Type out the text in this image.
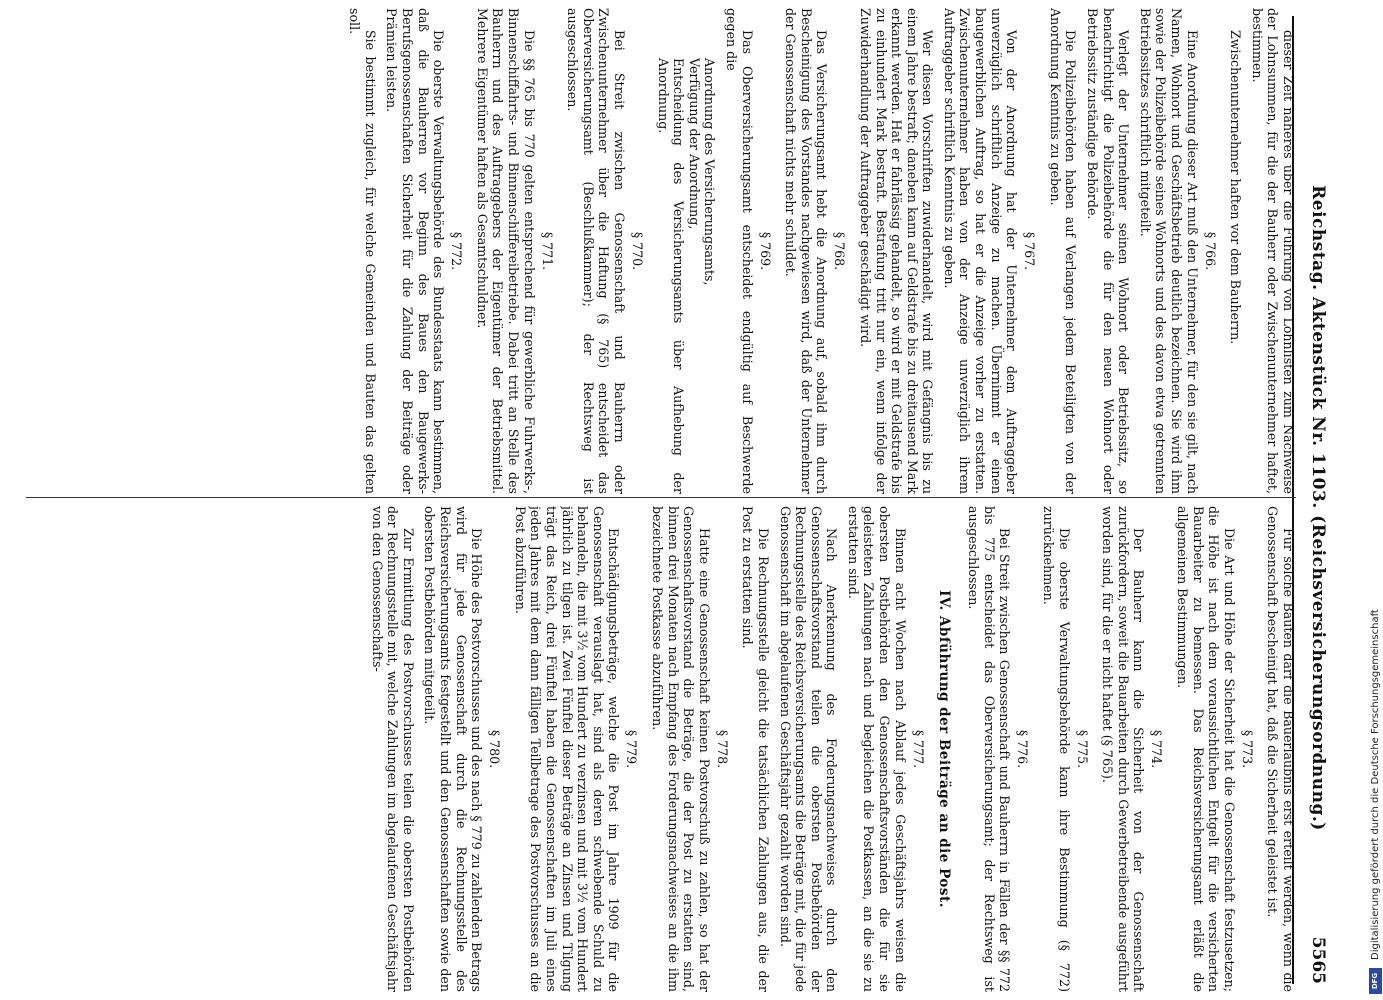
Reichstag. Aktenstück Nr. 1103. (Reichsversicherungsordnung.)
5565

dieser Zeit näheres über die Führung von Lohnlisten zum Nachweise der Lohnsummen, für die der Bauherr oder Zwischenunternehmer haftet, bestimmen.

Zwischenunternehmer haften vor dem Bauherrn.

§ 766.

Eine Anordnung dieser Art muß den Unternehmer, für den sie gilt, nach Namen, Wohnort und Geschäftsbetrieb deutlich bezeichnen. Sie wird ihm sowie der Polizeibehörde seines Wohnorts und des davon etwa getrennten Betriebssitzes schriftlich mitgeteilt.

Verlegt der Unternehmer seinen Wohnort oder Betriebssitz, so benachrichtigt die Polizeibehörde die für den neuen Wohnort oder Betriebssitz zuständige Behörde.

Die Polizeibehörden haben auf Verlangen jedem Beteiligten von der Anordnung Kenntnis zu geben.

§ 767.

Von der Anordnung hat der Unternehmer dem Auftraggeber unverzüglich schriftlich Anzeige zu machen. Übernimmt er einen baugewerblichen Auftrag, so hat er die Anzeige vorher zu erstatten. Zwischenunternehmer haben von der Anzeige unverzüglich ihrem Auftraggeber schriftlich Kenntnis zu geben.

Wer diesen Vorschriften zuwiderhandelt, wird mit Gefängnis bis zu einem Jahre bestraft; daneben kann auf Geldstrafe bis zu dreitausend Mark erkannt werden. Hat er fahrlässig gehandelt, so wird er mit Geldstrafe bis zu einhundert Mark bestraft. Bestrafung tritt nur ein, wenn infolge der Zuwiderhandlung der Auftraggeber geschädigt wird.

§ 768.

Das Versicherungsamt hebt die Anordnung auf, sobald ihm durch Bescheinigung des Vorstandes nachgewiesen wird, daß der Unternehmer der Genossenschaft nichts mehr schuldet.

§ 769.

Das Oberversicherungsamt entscheidet endgültig auf Beschwerde gegen die

Anordnung des Versicherungsamts,
Verfügung der Anordnung,
Entscheidung des Versicherungsamts über Aufhebung der Anordnung.
§ 770.

Bei Streit zwischen Genossenschaft und Bauherrn oder Zwischenunternehmer über die Haftung (§ 765) entscheidet das Oberversicherungsamt (Beschlußkammer); der Rechtsweg ist ausgeschlossen.

§ 771.

Die §§ 765 bis 770 gelten entsprechend für gewerbliche Fuhrwerks-, Binnenschiffahrts- und Binnenschiffereibetriebe. Dabei tritt an Stelle des Bauherrn und des Auftraggebers der Eigentümer der Betriebsmittel. Mehrere Eigentümer haften als Gesamtschuldner.

§ 772.

Die oberste Verwaltungsbehörde des Bundesstaats kann bestimmen, daß die Bauherren vor Beginn des Baues den Baugewerks-Berufsgenossenschaften Sicherheit für die Zahlung der Beiträge oder Prämien leisten.

Sie bestimmt zugleich, für welche Gemeinden und Bauten das gelten soll.

Für solche Bauten darf die Bauerlaubnis erst erteilt werden, wenn die Genossenschaft bescheinigt hat, daß die Sicherheit geleistet ist.

§ 773.

Die Art und Höhe der Sicherheit hat die Genossenschaft festzusetzen; die Höhe ist nach dem voraussichtlichen Entgelt für die versicherten Bauarbeiter zu bemessen. Das Reichsversicherungsamt erläßt die allgemeinen Bestimmungen.

§ 774.

Der Bauherr kann die Sicherheit von der Genossenschaft zurückfordern, soweit die Bauarbeiten durch Gewerbetreibende ausgeführt worden sind, für die er nicht haftet (§ 765).

§ 775.

Die oberste Verwaltungsbehörde kann ihre Bestimmung (§ 772) zurücknehmen.

§ 776.

Bei Streit zwischen Genossenschaft und Bauherrn in Fällen der §§ 772 bis 775 entscheidet das Oberversicherungsamt; der Rechtsweg ist ausgeschlossen.

IV. Abführung der Beiträge an die Post.
§ 777.

Binnen acht Wochen nach Ablauf jedes Geschäftsjahrs weisen die obersten Postbehörden den Genossenschaftsvorständen die für sie geleisteten Zahlungen nach und begleichen die Postkassen, an die sie zu erstatten sind.

Nach Anerkennung des Forderungsnachweises durch den Genossenschaftsvorstand teilen die obersten Postbehörden der Rechnungsstelle des Reichsversicherungsamts die Beträge mit, die für jede Genossenschaft im abgelaufenen Geschäftsjahr gezahlt worden sind.

Die Rechnungsstelle gleicht die tatsächlichen Zahlungen aus, die der Post zu erstatten sind.

§ 778.

Hatte eine Genossenschaft keinen Postvorschuß zu zahlen, so hat der Genossenschaftsvorstand die Beträge, die der Post zu erstatten sind, binnen drei Monaten nach Empfang des Forderungsnachweises an die ihm bezeichnete Postkasse abzuführen.

§ 779.

Entschädigungsbeträge, welche die Post im Jahre 1909 für die Genossenschaft verauslagt hat, sind als deren schwebende Schuld zu behandeln, die mit 3½ vom Hundert zu verzinsen und mit 3½ vom Hundert jährlich zu tilgen ist. Zwei Fünftel dieser Beträge an Zinsen und Tilgung trägt das Reich, drei Fünftel haben die Genossenschaften im Juli eines jeden Jahres mit dem dann fälligen Teilbetrage des Postvorschusses an die Post abzuführen.

§ 780.

Die Höhe des Postvorschusses und des nach § 779 zu zahlenden Betrags wird für jede Genossenschaft durch die Rechnungsstelle des Reichsversicherungsamts festgestellt und den Genossenschaften sowie den obersten Postbehörden mitgeteilt.

Zur Ermittlung des Postvorschusses teilen die obersten Postbehörden der Rechnungsstelle mit, welche Zahlungen im abgelaufenen Geschäftsjahr von den Genossenschafts-

Digitalisierung gefördert durch die Deutsche Forschungsgemeinschaft
DFG
